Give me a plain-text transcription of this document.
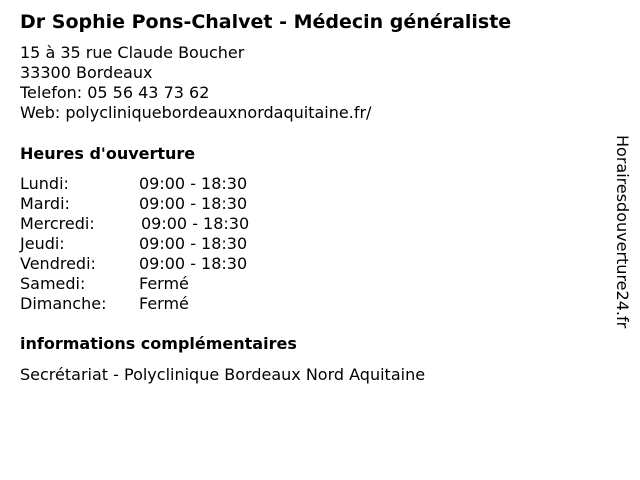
Dr Sophie Pons-Chalvet - Médecin généraliste
15 à 35 rue Claude Boucher
33300 Bordeaux
Telefon: 05 56 43 73 62
Web: polycliniquebordeauxnordaquitaine.fr/
Heures d'ouverture
Lundi:	09:00 - 18:30
Mardi:	09:00 - 18:30
Mercredi:	09:00 - 18:30
Jeudi:	09:00 - 18:30
Vendredi:	09:00 - 18:30
Samedi:	Fermé
Dimanche: Fermé
informations complémentaires
Secrétariat - Polyclinique Bordeaux Nord Aquitaine
Horairesdouverture24.fr
